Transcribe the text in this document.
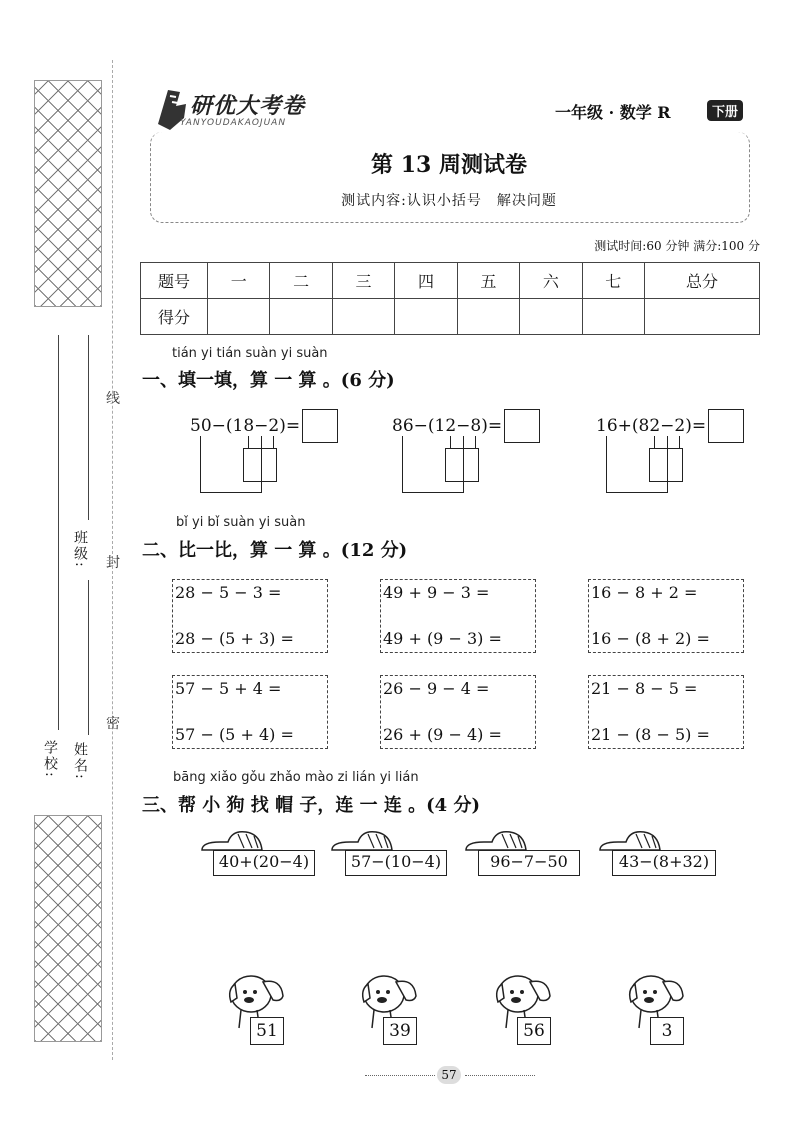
线
封
密
学校: 姓名:
班级:
研优大考卷
YANYOUDAKAOJUAN
一年级 · 数学 R	下册
第 13 周测试卷
测试内容:认识小括号　解决问题
测试时间:60 分钟 满分:100 分
题号	一	二	三	四	五	六	七	总分
得分								
tián yi tián suàn yi suàn
一、填一填，算 一 算 。(6 分)
50−(18−2)=	86−(12−8)=	16+(82−2)=
bǐ yi bǐ suàn yi suàn
二、比一比，算 一 算 。(12 分)
28 − 5 − 3 =
28 − (5 + 3) =
49 + 9 − 3 =
49 + (9 − 3) =
16 − 8 + 2 =
16 − (8 + 2) =
57 − 5 + 4 =
57 − (5 + 4) =
26 − 9 − 4 =
26 + (9 − 4) =
21 − 8 − 5 =
21 − (8 − 5) =
bāng xiǎo gǒu zhǎo mào zi lián yi lián
三、帮 小 狗 找 帽 子，连 一 连 。(4 分)
40+(20−4)	57−(10−4)	96−7−50	43−(8+32)
51	39	56	3
57
